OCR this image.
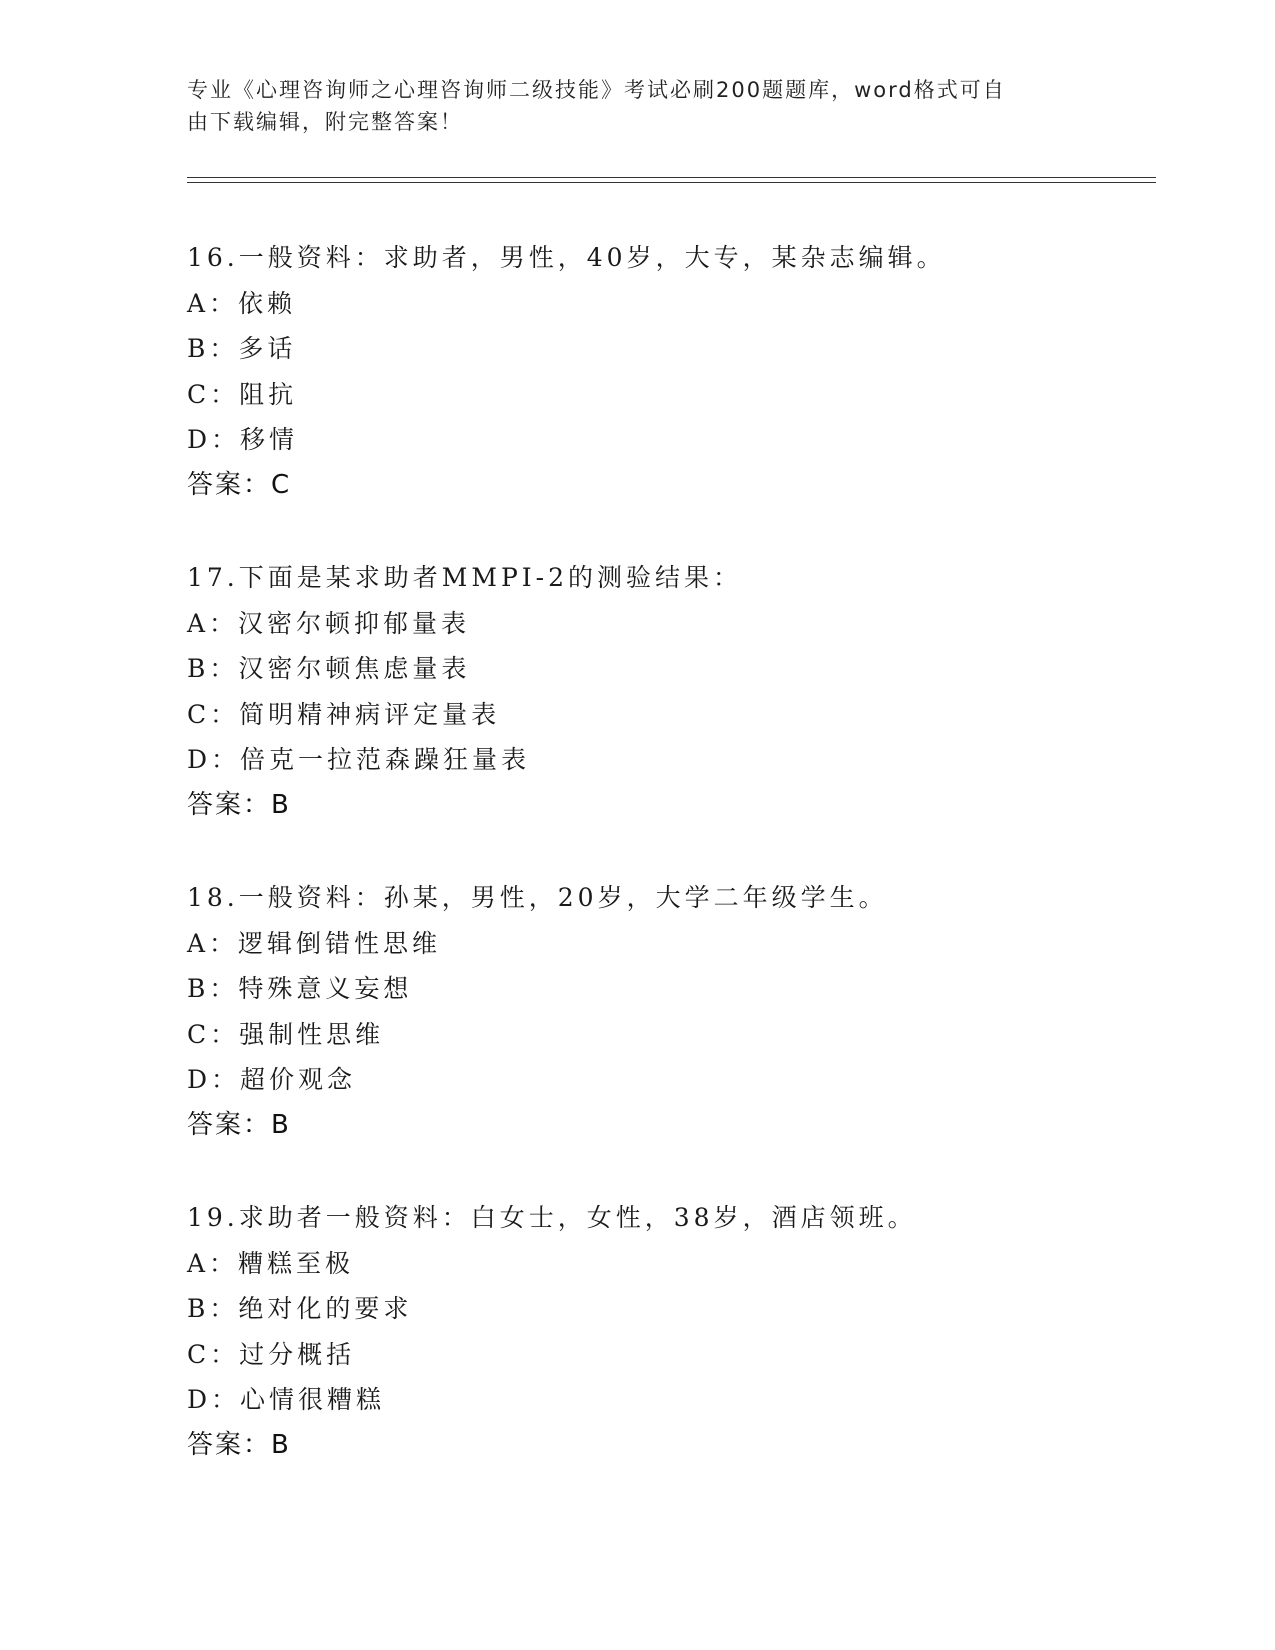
专业《心理咨询师之心理咨询师二级技能》考试必刷200题题库，word格式可自
由下载编辑，附完整答案！
16.一般资料：求助者，男性，40岁，大专，某杂志编辑。
A：依赖
B：多话
C：阻抗
D：移情
答案：C
17.下面是某求助者MMPI-2的测验结果：
A：汉密尔顿抑郁量表
B：汉密尔顿焦虑量表
C：简明精神病评定量表
D：倍克一拉范森躁狂量表
答案：B
18.一般资料：孙某，男性，20岁，大学二年级学生。
A：逻辑倒错性思维
B：特殊意义妄想
C：强制性思维
D：超价观念
答案：B
19.求助者一般资料：白女士，女性，38岁，酒店领班。
A：糟糕至极
B：绝对化的要求
C：过分概括
D：心情很糟糕
答案：B
